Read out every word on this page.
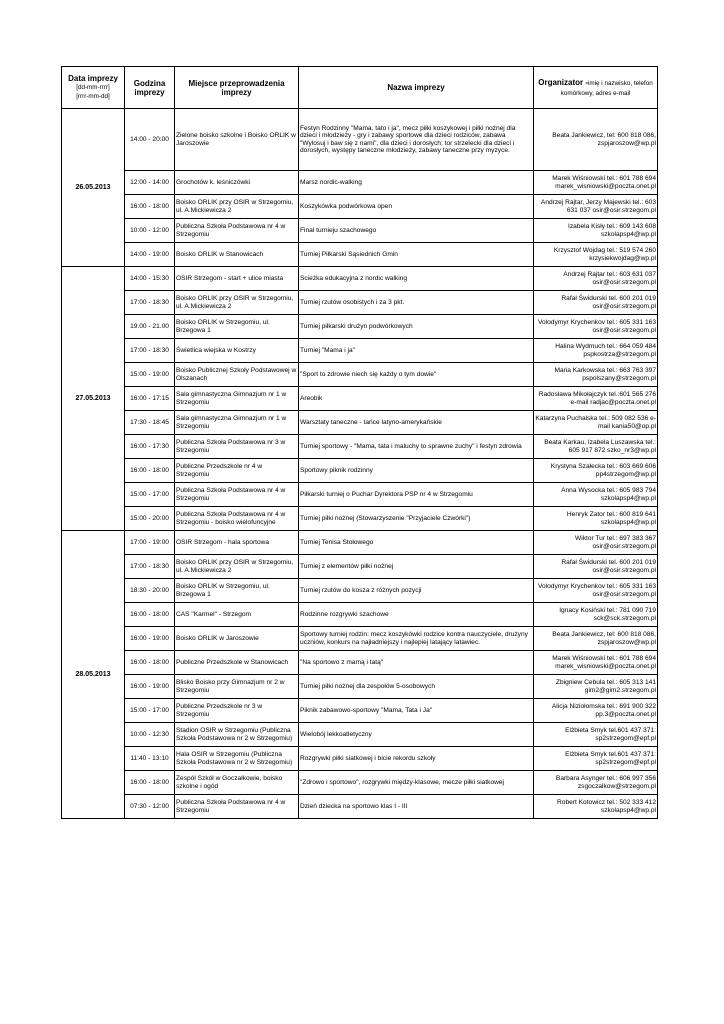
Data imprezy
[dd-mm-rrrr]
[rrrr-mm-dd]	Godzina imprezy	Miejsce przeprowadzenia imprezy	Nazwa imprezy	Organizator -imię i nazwisko, telefon komórkowy, adres e-mail
26.05.2013	14:00 - 20:00	Zielone boisko szkolne i Boisko ORLIK w Jaroszowie	Festyn Rodzinny "Mama, tato i ja", mecz piłki koszykowej i piłki nożnej dla dzieci i młodzieży - gry i zabawy sportowe dla dzieci rodziców, zabawa "Wylosuj i baw się z nami", dla dzieci i dorosłych; tor strzelecki dla dzieci i dorosłych, występy taneczne młodzieży, zabawy taneczne przy myzyce.	Beata Jankiewicz, tel: 600 818 086, zspjaroszow@wp.pl
	12:00 - 14:00	Grochotów k. leśniczówki	Marsz nordic-walking	Marek Wiśniowski tel.: 601 788 694 marek_wisniowski@poczta.onet.pl
	16:00 - 18:00	Boisko ORLIK przy OSIR w Strzegomiu, ul. A.Mickiewicza 2	Koszykówka podwórkowa open	Andrzej Rajtar, Jerzy Majewski tel.: 603 631 037 osir@osir.strzegom.pl
	10:00 - 12:00	Publiczna Szkoła Podstawowa nr 4 w Strzegomiu	Finał turnieju szachowego	Izabela Kisły tel.: 609 143 608 szkolapsp4@wp.pl
	14:00 - 19:00	Boisko ORLIK w Stanowicach	Turniej Piłkarski Sąsiednich Gmin	Krzysztof Wojdag tel.: 519 574 260 krzysiekwojdag@wp.pl
27.05.2013	14:00 - 15:30	OSIR Strzegom - start + ulice miasta	Scieżka edukacyjna z nordic walking	Andrzej Rajtar tel.: 603 631 037 osir@osir.strzegom.pl
	17:00 - 18:30	Boisko ORLIK przy OSIR w Strzegomiu, ul. A.Mickiewicza 2	Turniej rzutów osobistych i za 3 pkt.	Rafał Świdurski tel. 600 201 019 osir@osir.strzegom.pl
	19.00 - 21.00	Boisko ORLIK w Strzegomiu, ul. Brzegowa 1	Turniej piłkarski drużyn podwórkowych	Volodymyr Krychenkov tel.: 605 331 163 osir@osir.strzegom.pl
	17:00 - 18:30	Świetlica wiejska w Kostrzy	Turniej "Mama i ja"	Halina Wydmuch tel.: 664 059 484 pspkostrza@strzegom.pl
	15:00 - 19:00	Boisko Publicznej Szkoły Podstawowej w Olszanach	"Sport to zdrowie niech się każdy o tym dowie"	Maria Karkowska tel.: 663 763 397 pspolszany@strzegom.pl
	16:00 - 17:15	Sala gimnastyczna Gimnazjum nr 1 w Strzegomiu	Areobik	Radosława Mikołajczyk tel.:601 565 276 e-mail radjac@poczta.onet.pl
	17:30 - 18:45	Sala gimnastyczna Gimnazjum nr 1 w Strzegomiu	Warsztaty taneczne - tańce latyno-amerykańskie	Katarzyna Puchalska tel.: 509 082 536 e-mail kania50@op.pl
	16:00 - 17:30	Publiczna Szkoła Podstawowa nr 3 w Strzegomiu	Turniej sportowy - "Mama, tata i maluchy to sprawne zuchy" i festyn zdrowia	Beata Karkau, Izabela Luszawska tel.: 605 917 872 szko_nr3@wp.pl
	16:00 - 18:00	Publiczne Przedszkole nr 4 w Strzegomiu	Sportowy piknik rodzinny	Krystyna Szałecka tel.: 603 669 606 pp4strzegom@wp.pl
	15:00 - 17:00	Publiczna Szkoła Podstawowa nr 4 w Strzegomiu	Piłkarski turniej o Puchar Dyrektora PSP nr 4 w Strzegomiu	Anna Wysocka tel.: 605 983 794 szkolapsp4@wp.pl
	15:00 - 20:00	Publiczna Szkoła Podstawowa nr 4 w Strzegomiu - boisko wielofuncyjne	Turniej piłki nożnej (Stowarzyszenie "Przyjaciele Czwórki")	Henryk Zator tel.: 600 819 641 szkolapsp4@wp.pl
28.05.2013	17:00 - 19:00	OSIR Strzegom - hala sportowa	Turniej Tenisa Stołowego	Wiktor Tur tel.: 697 383 367 osir@osir.strzegom.pl
	17:00 - 18:30	Boisko ORLIK przy OSIR w Strzegomiu, ul. A.Mickiewicza 2	Turniej z elementów piłki nożnej	Rafał Świdurski tel. 600 201 019 osir@osir.strzegom.pl
	18:30 - 20:00	Boisko ORLIK w Strzegomiu, ul. Brzegowa 1	Turniej rzutów do kosza z różnych pozycji	Volodymyr Krychenkov tel.: 605 331 163 osir@osir.strzegom.pl
	16:00 - 18:00	CAS "Karmel" - Strzegom	Rodzinne rozgrywki szachowe	Ignacy Kosiński tel.: 781 090 719 sck@sck.strzegom.pl
	16:00 - 19:00	Boisko ORLIK w Jaroszowie	Sportowy turniej rodzin: mecz koszykówki rodzice kontra nauczyciele, drużyny uczniów, konkurs na najładniejszy i najlepiej latający latawiec.	Beata Jankiewicz, tel: 600 818 086, zspjaroszow@wp.pl
	16:00 - 18:00	Publiczne Przedszkole w Stanowicach	"Na sportowo z mamą i tatą"	Marek Wiśniowski tel.: 601 788 694 marek_wisniowski@poczta.onet.pl
	16:00 - 19:00	Blisko Boisko przy Gimnazjum nr 2 w Strzegomiu	Turniej piłki nożnej dla zespołów 5-osobowych	Zbigniew Cebula tel.: 605 313 141 gim2@gim2.strzegom.pl
	15:00 - 17:00	Publiczne Przedszkole nr 3 w Strzegomiu	Piknik zabawowo-sportowy "Mama, Tata i Ja"	Alicja Niziołomska tel.: 691 900 322 pp.3@poczta.onet.pl
	10:00 - 12:30	Stadion OSIR w Strzegomiu (Publiczna Szkoła Podstawowa nr 2 w Strzegomiu)	Wielobój lekkoatletyczny	Elżbieta Smyk tel.601 437 371: sp2strzegom@epf.pl
	11:40 - 13:10	Hala OSIR w Strzegomiu (Publiczna Szkoła Podstawowa nr 2 w Strzegomiu)	Rozgrywki piłki siatkowej i bicie rekordu szkoły	Elżbieta Smyk tel.601 437 371: sp2strzegom@epf.pl
	16:00 - 18:00	Zespół Szkół w Goczałkowie, boisko szkolne i ogód	"Zdrowo i sportowo", rozgrywki między-klasowe, mecze piłki siatkowej	Barbara Asynger tel.: 606 997 356 zsgoczalkow@strzegom.pl
	07:30 - 12:00	Publiczna Szkoła Podstawowa nr 4 w Strzegomiu	Dzień dziecka na sportowo klas I - III	Robert Kotowicz tel.: 502 333 412 szkolapsp4@wp.pl
